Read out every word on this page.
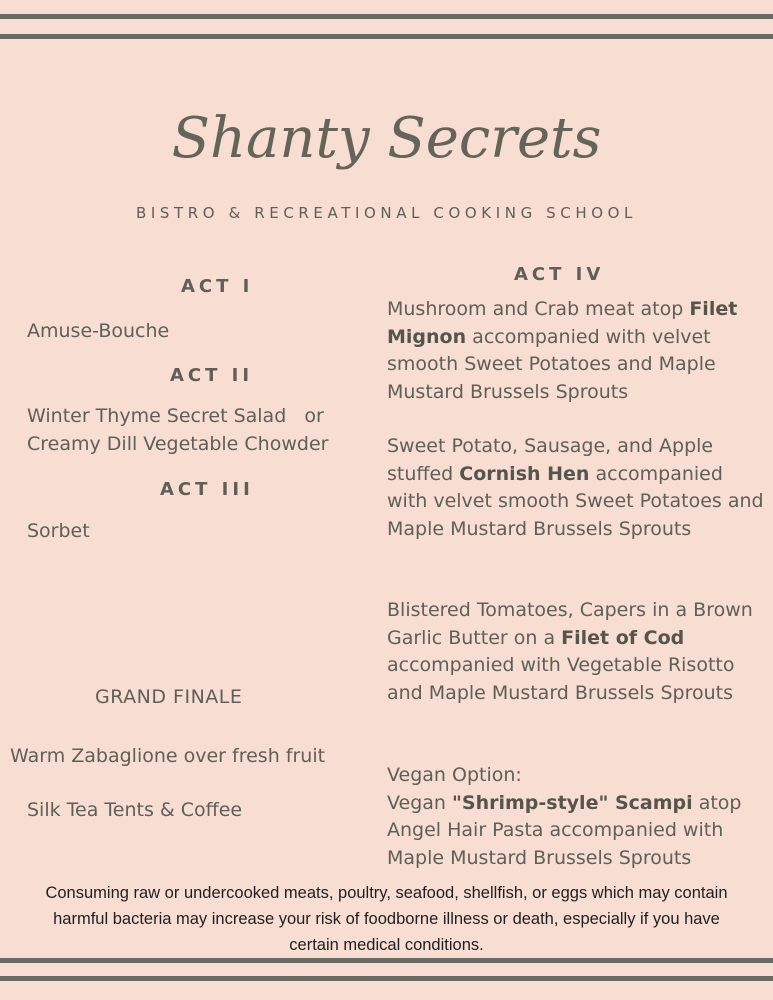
Shanty Secrets
BISTRO & RECREATIONAL COOKING SCHOOL
ACT I
Amuse-Bouche
ACT II
Winter Thyme Secret Salad   or
Creamy Dill Vegetable Chowder
ACT III
Sorbet
GRAND FINALE
Warm Zabaglione over fresh fruit
Silk Tea Tents & Coffee
ACT IV
Mushroom and Crab meat atop Filet Mignon accompanied with velvet smooth Sweet Potatoes and Maple Mustard Brussels Sprouts
Sweet Potato, Sausage, and Apple stuffed Cornish Hen accompanied with velvet smooth Sweet Potatoes and Maple Mustard Brussels Sprouts
Blistered Tomatoes, Capers in a Brown Garlic Butter on a Filet of Cod accompanied with Vegetable Risotto and Maple Mustard Brussels Sprouts
Vegan Option:
Vegan "Shrimp-style" Scampi atop Angel Hair Pasta accompanied with Maple Mustard Brussels Sprouts
Consuming raw or undercooked meats, poultry, seafood, shellfish, or eggs which may contain harmful bacteria may increase your risk of foodborne illness or death, especially if you have certain medical conditions.
